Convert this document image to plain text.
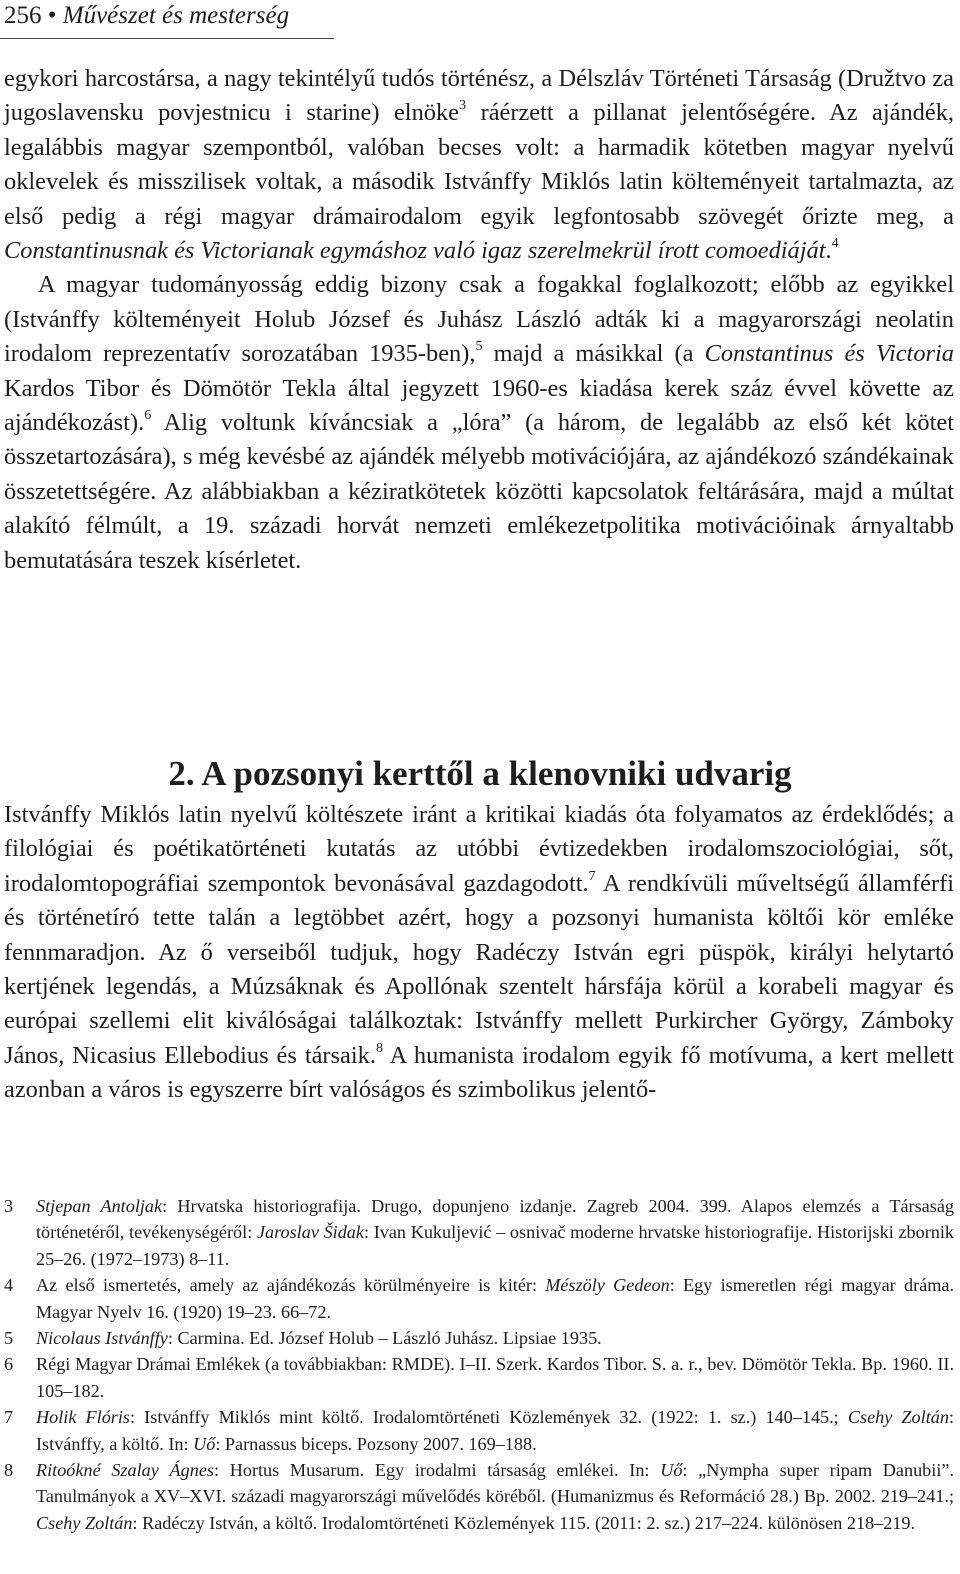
256 • Művészet és mesterség

egykori harcostársa, a nagy tekintélyű tudós történész, a Délszláv Történeti Társaság (Družtvo za jugoslavensku povjestnicu i starine) elnöke$^3$ ráérzett a pillanat jelentőségére. Az ajándék, legalábbis magyar szempontból, valóban becses volt: a harmadik kötetben magyar nyelvű oklevelek és misszilisek voltak, a második Istvánffy Miklós latin költeményeit tartalmazta, az első pedig a régi magyar drámairodalom egyik legfontosabb szövegét őrizte meg, a Constantinusnak és Victorianak egymáshoz való igaz szerelmekrül írott comoediáját.$^4$

A magyar tudományosság eddig bizony csak a fogakkal foglalkozott; előbb az egyikkel (Istvánffy költeményeit Holub József és Juhász László adták ki a magyarországi neolatin irodalom reprezentatív sorozatában 1935-ben),$^5$ majd a másikkal (a Constantinus és Victoria Kardos Tibor és Dömötör Tekla által jegyzett 1960-es kiadása kerek száz évvel követte az ajándékozást).$^6$ Alig voltunk kíváncsiak a „lóra” (a három, de legalább az első két kötet összetartozására), s még kevésbé az ajándék mélyebb motivációjára, az ajándékozó szándékainak összetettségére. Az alábbiakban a kéziratkötetek közötti kapcsolatok feltárására, majd a múltat alakító félmúlt, a 19. századi horvát nemzeti emlékezetpolitika motivációinak árnyaltabb bemutatására teszek kísérletet.

2. A pozsonyi kerttől a klenovniki udvarig

Istvánffy Miklós latin nyelvű költészete iránt a kritikai kiadás óta folyamatos az érdeklődés; a filológiai és poétikatörténeti kutatás az utóbbi évtizedekben irodalomszociológiai, sőt, irodalomtopográfiai szempontok bevonásával gazdagodott.$^7$ A rendkívüli műveltségű államférfi és történetíró tette talán a legtöbbet azért, hogy a pozsonyi humanista költői kör emléke fennmaradjon. Az ő verseiből tudjuk, hogy Radéczy István egri püspök, királyi helytartó kertjének legendás, a Múzsáknak és Apollónak szentelt hársfája körül a korabeli magyar és európai szellemi elit kiválóságai találkoztak: Istvánffy mellett Purkircher György, Zámboky János, Nicasius Ellebodius és társaik.$^8$ A humanista irodalom egyik fő motívuma, a kert mellett azonban a város is egyszerre bírt valóságos és szimbolikus jelentő-

3 Stjepan Antoljak: Hrvatska historiografija. Drugo, dopunjeno izdanje. Zagreb 2004. 399. Alapos elemzés a Társaság történetéről, tevékenységéről: Jaroslav Šidak: Ivan Kukuljević – osnivač moderne hrvatske historiografije. Historijski zbornik 25–26. (1972–1973) 8–11.

4 Az első ismertetés, amely az ajándékozás körülményeire is kitér: Mészöly Gedeon: Egy ismeretlen régi magyar dráma. Magyar Nyelv 16. (1920) 19–23. 66–72.

5 Nicolaus Istvánffy: Carmina. Ed. József Holub – László Juhász. Lipsiae 1935.

6 Régi Magyar Drámai Emlékek (a továbbiakban: RMDE). I–II. Szerk. Kardos Tibor. S. a. r., bev. Dömötör Tekla. Bp. 1960. II. 105–182.

7 Holik Flóris: Istvánffy Miklós mint költő. Irodalomtörténeti Közlemények 32. (1922: 1. sz.) 140–145.; Csehy Zoltán: Istvánffy, a költő. In: Uő: Parnassus biceps. Pozsony 2007. 169–188.

8 Ritoókné Szalay Ágnes: Hortus Musarum. Egy irodalmi társaság emlékei. In: Uő: „Nympha super ripam Danubii”. Tanulmányok a XV–XVI. századi magyarországi művelődés köréből. (Humanizmus és Reformáció 28.) Bp. 2002. 219–241.; Csehy Zoltán: Radéczy István, a költő. Irodalomtörténeti Közlemények 115. (2011: 2. sz.) 217–224. különösen 218–219.
